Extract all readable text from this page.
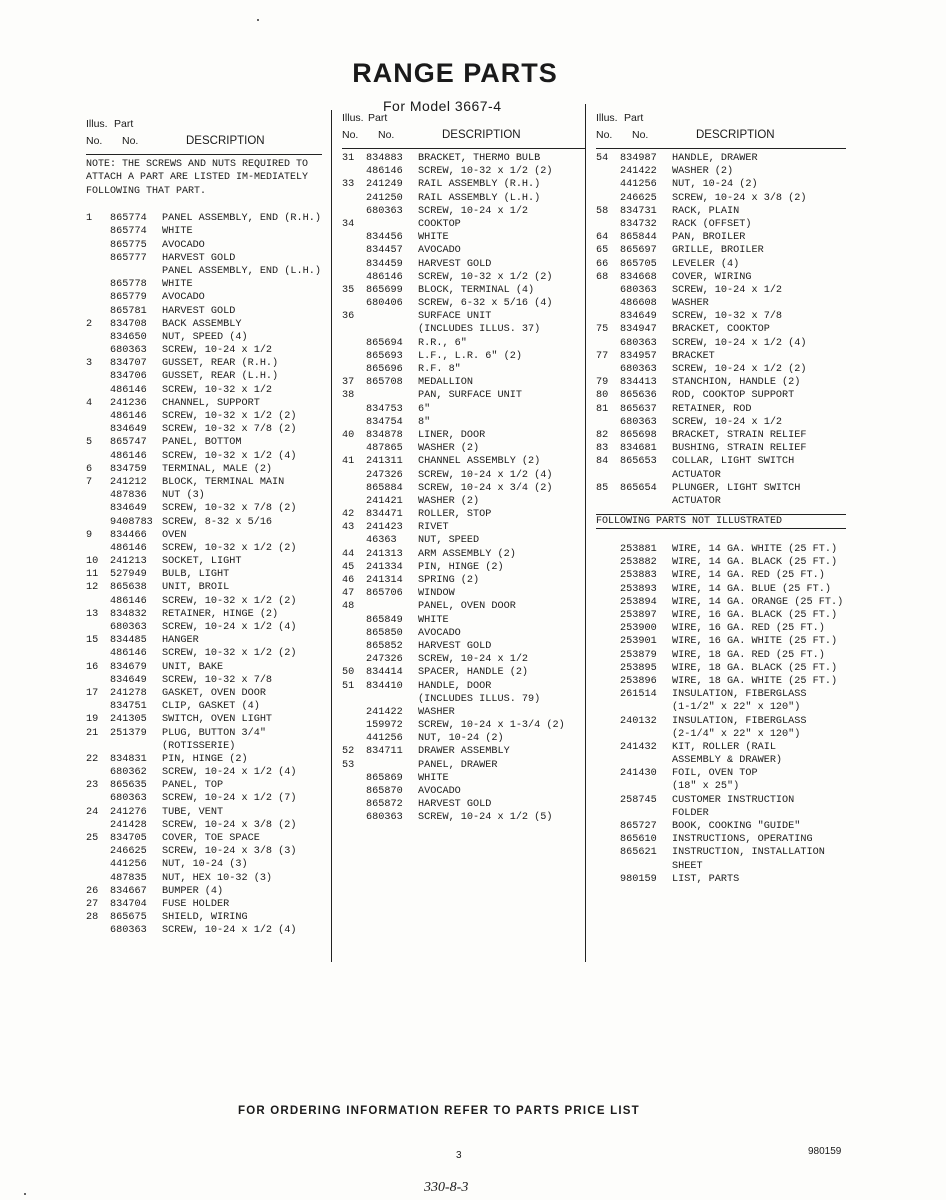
RANGE PARTS
For Model 3667-4
Illus.
No.
Part
No.	DESCRIPTION
NOTE: THE SCREWS AND NUTS REQUIRED TO ATTACH A PART ARE LISTED IM-MEDIATELY FOLLOWING THAT PART.
1	865774	PANEL ASSEMBLY, END (R.H.)
865774	WHITE
865775	AVOCADO
865777	HARVEST GOLD
PANEL ASSEMBLY, END (L.H.)
865778	WHITE
865779	AVOCADO
865781	HARVEST GOLD
2	834708	BACK ASSEMBLY
834650	NUT, SPEED (4)
680363	SCREW, 10-24 x 1/2
3	834707	GUSSET, REAR (R.H.)
834706	GUSSET, REAR (L.H.)
486146	SCREW, 10-32 x 1/2
4	241236	CHANNEL, SUPPORT
486146	SCREW, 10-32 x 1/2 (2)
834649	SCREW, 10-32 x 7/8 (2)
5	865747	PANEL, BOTTOM
486146	SCREW, 10-32 x 1/2 (4)
6	834759	TERMINAL, MALE (2)
7	241212	BLOCK, TERMINAL MAIN
487836	NUT (3)
834649	SCREW, 10-32 x 7/8 (2)
9408783 SCREW, 8-32 x 5/16
9	834466	OVEN
486146	SCREW, 10-32 x 1/2 (2)
10	241213	SOCKET, LIGHT
11	527949	BULB, LIGHT
12	865638	UNIT, BROIL
486146	SCREW, 10-32 x 1/2 (2)
13	834832	RETAINER, HINGE (2)
680363	SCREW, 10-24 x 1/2 (4)
15	834485	HANGER
486146	SCREW, 10-32 x 1/2 (2)
16	834679	UNIT, BAKE
834649	SCREW, 10-32 x 7/8
17	241278	GASKET, OVEN DOOR
834751	CLIP, GASKET (4)
19	241305	SWITCH, OVEN LIGHT
21	251379	PLUG, BUTTON 3/4"
(ROTISSERIE)
22	834831	PIN, HINGE (2)
680362	SCREW, 10-24 x 1/2 (4)
23	865635	PANEL, TOP
680363	SCREW, 10-24 x 1/2 (7)
24	241276	TUBE, VENT
241428	SCREW, 10-24 x 3/8 (2)
25	834705	COVER, TOE SPACE
246625	SCREW, 10-24 x 3/8 (3)
441256	NUT, 10-24 (3)
487835	NUT, HEX 10-32 (3)
26	834667	BUMPER (4)
27	834704	FUSE HOLDER
28	865675	SHIELD, WIRING
680363	SCREW, 10-24 x 1/2 (4)
Illus.
No.
Part
No.	DESCRIPTION
31	834883	BRACKET, THERMO BULB
486146	SCREW, 10-32 x 1/2 (2)
33	241249	RAIL ASSEMBLY (R.H.)
241250	RAIL ASSEMBLY (L.H.)
680363	SCREW, 10-24 x 1/2
34	COOKTOP
834456	WHITE
834457	AVOCADO
834459	HARVEST GOLD
486146	SCREW, 10-32 x 1/2 (2)
35	865699	BLOCK, TERMINAL (4)
680406	SCREW, 6-32 x 5/16 (4)
36	SURFACE UNIT
(INCLUDES ILLUS. 37)
865694	R.R., 6"
865693	L.F., L.R. 6" (2)
865696	R.F. 8"
37	865708	MEDALLION
38	PAN, SURFACE UNIT
834753	6"
834754	8"
40	834878	LINER, DOOR
487865	WASHER (2)
41	241311	CHANNEL ASSEMBLY (2)
247326	SCREW, 10-24 x 1/2 (4)
865884	SCREW, 10-24 x 3/4 (2)
241421	WASHER (2)
42	834471	ROLLER, STOP
43	241423	RIVET
46363	NUT, SPEED
44	241313	ARM ASSEMBLY (2)
45	241334	PIN, HINGE (2)
46	241314	SPRING (2)
47	865706	WINDOW
48	PANEL, OVEN DOOR
865849	WHITE
865850	AVOCADO
865852	HARVEST GOLD
247326	SCREW, 10-24 x 1/2
50	834414	SPACER, HANDLE (2)
51	834410	HANDLE, DOOR
(INCLUDES ILLUS. 79)
241422	WASHER
159972	SCREW, 10-24 x 1-3/4 (2)
441256	NUT, 10-24 (2)
52	834711	DRAWER ASSEMBLY
53	PANEL, DRAWER
865869	WHITE
865870	AVOCADO
865872	HARVEST GOLD
680363	SCREW, 10-24 x 1/2 (5)
Illus.
No.
Part
No.	DESCRIPTION
54	834987	HANDLE, DRAWER
241422	WASHER (2)
441256	NUT, 10-24 (2)
246625	SCREW, 10-24 x 3/8 (2)
58	834731	RACK, PLAIN
834732	RACK (OFFSET)
64	865844	PAN, BROILER
65	865697	GRILLE, BROILER
66	865705	LEVELER (4)
68	834668	COVER, WIRING
680363	SCREW, 10-24 x 1/2
486608	WASHER
834649	SCREW, 10-32 x 7/8
75	834947	BRACKET, COOKTOP
680363	SCREW, 10-24 x 1/2 (4)
77	834957	BRACKET
680363	SCREW, 10-24 x 1/2 (2)
79	834413	STANCHION, HANDLE (2)
80	865636	ROD, COOKTOP SUPPORT
81	865637	RETAINER, ROD
680363	SCREW, 10-24 x 1/2
82	865698	BRACKET, STRAIN RELIEF
83	834681	BUSHING, STRAIN RELIEF
84	865653	COLLAR, LIGHT SWITCH
ACTUATOR
85	865654	PLUNGER, LIGHT SWITCH
ACTUATOR
FOLLOWING PARTS NOT ILLUSTRATED
253881	WIRE, 14 GA. WHITE (25 FT.)
253882	WIRE, 14 GA. BLACK (25 FT.)
253883	WIRE, 14 GA. RED (25 FT.)
253893	WIRE, 14 GA. BLUE (25 FT.)
253894	WIRE, 14 GA. ORANGE (25 FT.)
253897	WIRE, 16 GA. BLACK (25 FT.)
253900	WIRE, 16 GA. RED (25 FT.)
253901	WIRE, 16 GA. WHITE (25 FT.)
253879	WIRE, 18 GA. RED (25 FT.)
253895	WIRE, 18 GA. BLACK (25 FT.)
253896	WIRE, 18 GA. WHITE (25 FT.)
261514	INSULATION, FIBERGLASS
(1-1/2" x 22" x 120")
240132	INSULATION, FIBERGLASS
(2-1/4" x 22" x 120")
241432	KIT, ROLLER (RAIL
ASSEMBLY & DRAWER)
241430	FOIL, OVEN TOP
(18" x 25")
258745	CUSTOMER INSTRUCTION
FOLDER
865727	BOOK, COOKING "GUIDE"
865610	INSTRUCTIONS, OPERATING
865621	INSTRUCTION, INSTALLATION
SHEET
980159	LIST, PARTS
FOR ORDERING INFORMATION REFER TO PARTS PRICE LIST
3	980159
330-8-3
